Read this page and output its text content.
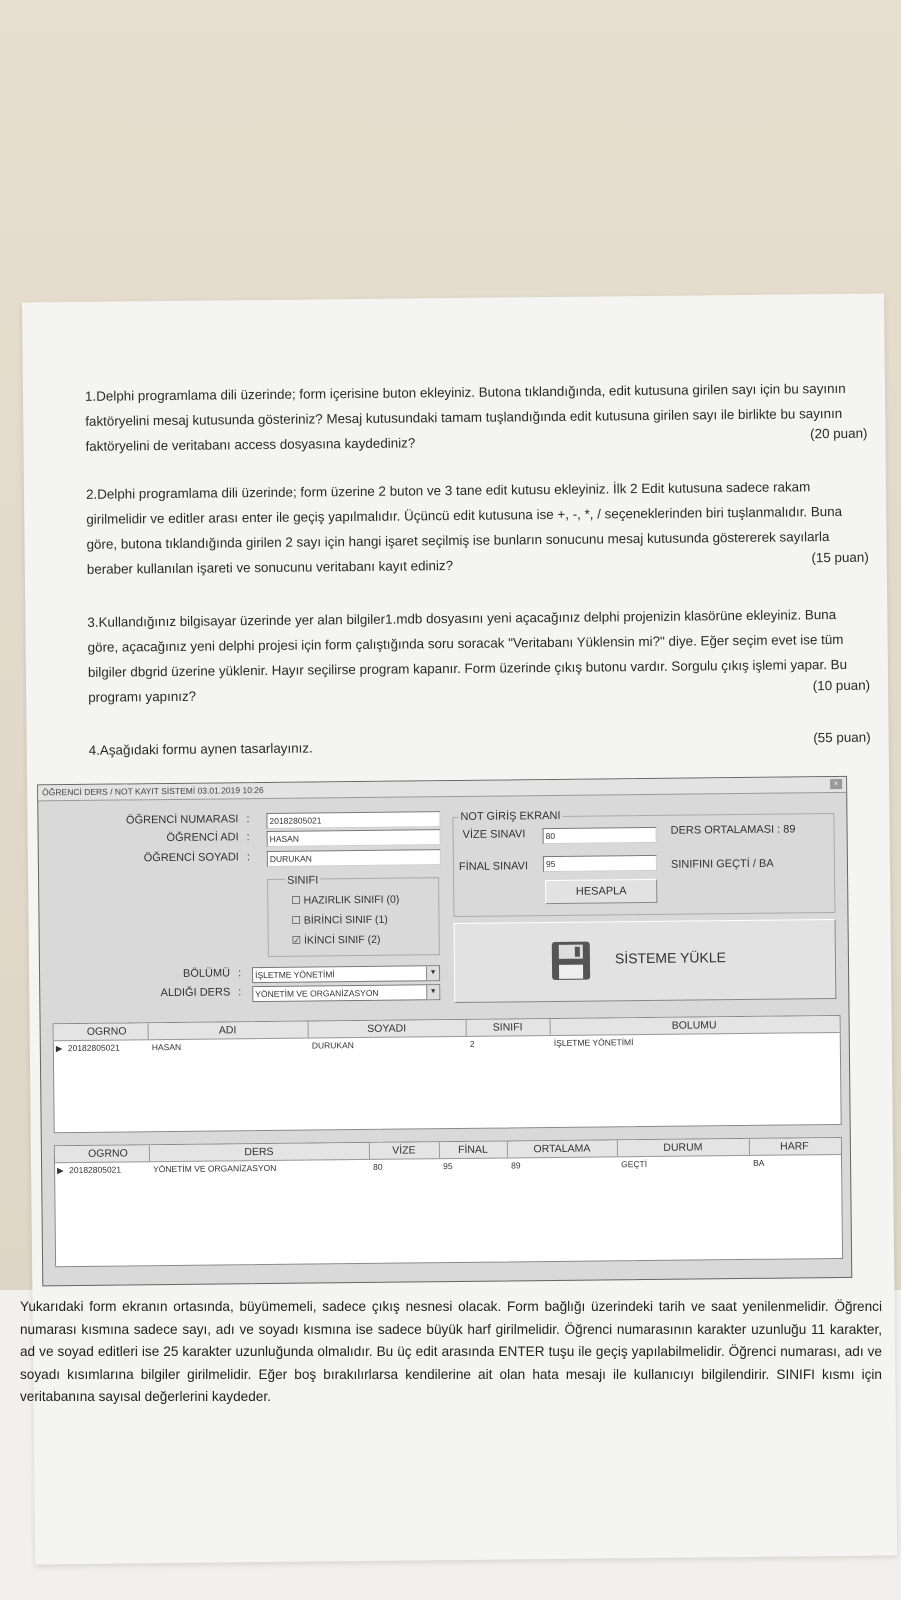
1.Delphi programlama dili üzerinde; form içerisine buton ekleyiniz. Butona tıklandığında, edit kutusuna girilen sayı için bu sayının faktöryelini mesaj kutusunda gösteriniz? Mesaj kutusundaki tamam tuşlandığında edit kutusuna girilen sayı ile birlikte bu sayının faktöryelini de veritabanı access dosyasına kaydediniz?
(20 puan)
2.Delphi programlama dili üzerinde; form üzerine 2 buton ve 3 tane edit kutusu ekleyiniz. İlk 2 Edit kutusuna sadece rakam girilmelidir ve editler arası enter ile geçiş yapılmalıdır. Üçüncü edit kutusuna ise +, -, *, / seçeneklerinden biri tuşlanmalıdır. Buna göre, butona tıklandığında girilen 2 sayı için hangi işaret seçilmiş ise bunların sonucunu mesaj kutusunda göstererek sayılarla beraber kullanılan işareti ve sonucunu veritabanı kayıt ediniz?
(15 puan)
3.Kullandığınız bilgisayar üzerinde yer alan bilgiler1.mdb dosyasını yeni açacağınız delphi projenizin klasörüne ekleyiniz. Buna göre, açacağınız yeni delphi projesi için form çalıştığında soru soracak "Veritabanı Yüklensin mi?" diye. Eğer seçim evet ise tüm bilgiler dbgrid üzerine yüklenir. Hayır seçilirse program kapanır. Form üzerinde çıkış butonu vardır. Sorgulu çıkış işlemi yapar. Bu programı yapınız?
(10 puan)
4.Aşağıdaki formu aynen tasarlayınız.
(55 puan)
ÖĞRENCİ DERS / NOT KAYIT SİSTEMİ 03.01.2019 10:26
×
ÖĞRENCİ NUMARASI :	20182805021
ÖĞRENCİ ADI :	HASAN
ÖĞRENCİ SOYADI :	DURUKAN
SINIFI
☐ HAZIRLIK SINIFI (0)
☐ BİRİNCİ SINIF (1)
☑ İKİNCİ SINIF (2)
BÖLÜMÜ :	İŞLETME YÖNETİMİ	▼
ALDIĞI DERS :	YÖNETİM VE ORGANİZASYON	▼
NOT GİRİŞ EKRANI
VİZE SINAVI	80
FİNAL SINAVI	95
HESAPLA
DERS ORTALAMASI : 89
SINIFINI GEÇTİ / BA
SİSTEME YÜKLE
OGRNO	ADI	SOYADI	SINIFI	BOLUMU
▶ 20182805021	HASAN	DURUKAN	2	İŞLETME YÖNETİMİ
OGRNO	DERS	VİZE	FİNAL	ORTALAMA	DURUM	HARF
▶ 20182805021	YÖNETİM VE ORGANİZASYON	80	95	89	GEÇTİ	BA
Yukarıdaki form ekranın ortasında, büyümemeli, sadece çıkış nesnesi olacak. Form bağlığı üzerindeki tarih ve saat yenilenmelidir. Öğrenci numarası kısmına sadece sayı, adı ve soyadı kısmına ise sadece büyük harf girilmelidir. Öğrenci numarasının karakter uzunluğu 11 karakter, ad ve soyad editleri ise 25 karakter uzunluğunda olmalıdır. Bu üç edit arasında ENTER tuşu ile geçiş yapılabilmelidir. Öğrenci numarası, adı ve soyadı kısımlarına bilgiler girilmelidir. Eğer boş bırakılırlarsa kendilerine ait olan hata mesajı ile kullanıcıyı bilgilendirir. SINIFI kısmı için veritabanına sayısal değerlerini kaydeder.
